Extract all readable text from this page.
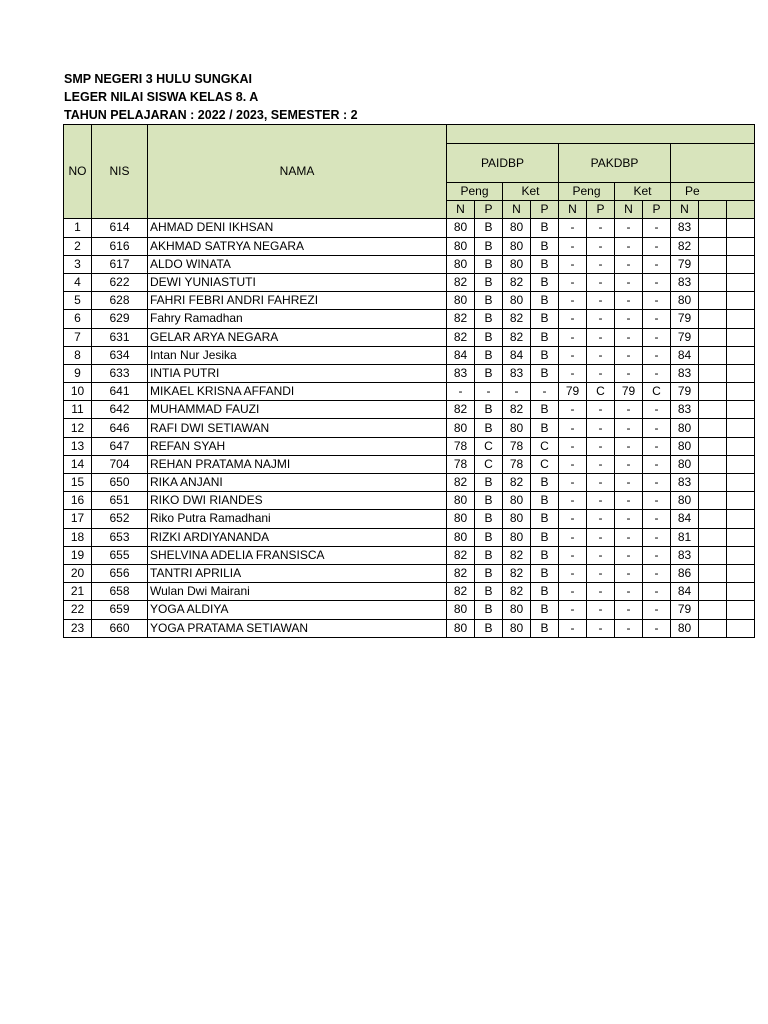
SMP NEGERI 3 HULU SUNGKAI
LEGER NILAI SISWA KELAS 8. A
TAHUN PELAJARAN : 2022 / 2023, SEMESTER : 2
NO	NIS	NAMA											
			PAIDBP				PAKDBP						
			Peng		Ket		Peng		Ket		Pe		
			N	P	N	P	N	P	N	P	N		
1	614	AHMAD DENI IKHSAN	80	B	80	B	-	-	-	-	83		
2	616	AKHMAD SATRYA NEGARA	80	B	80	B	-	-	-	-	82		
3	617	ALDO WINATA	80	B	80	B	-	-	-	-	79		
4	622	DEWI YUNIASTUTI	82	B	82	B	-	-	-	-	83		
5	628	FAHRI FEBRI ANDRI FAHREZI	80	B	80	B	-	-	-	-	80		
6	629	Fahry Ramadhan	82	B	82	B	-	-	-	-	79		
7	631	GELAR ARYA NEGARA	82	B	82	B	-	-	-	-	79		
8	634	Intan Nur Jesika	84	B	84	B	-	-	-	-	84		
9	633	INTIA PUTRI	83	B	83	B	-	-	-	-	83		
10	641	MIKAEL KRISNA AFFANDI	-	-	-	-	79	C	79	C	79		
11	642	MUHAMMAD FAUZI	82	B	82	B	-	-	-	-	83		
12	646	RAFI DWI SETIAWAN	80	B	80	B	-	-	-	-	80		
13	647	REFAN SYAH	78	C	78	C	-	-	-	-	80		
14	704	REHAN PRATAMA NAJMI	78	C	78	C	-	-	-	-	80		
15	650	RIKA ANJANI	82	B	82	B	-	-	-	-	83		
16	651	RIKO DWI RIANDES	80	B	80	B	-	-	-	-	80		
17	652	Riko Putra Ramadhani	80	B	80	B	-	-	-	-	84		
18	653	RIZKI ARDIYANANDA	80	B	80	B	-	-	-	-	81		
19	655	SHELVINA ADELIA FRANSISCA	82	B	82	B	-	-	-	-	83		
20	656	TANTRI APRILIA	82	B	82	B	-	-	-	-	86		
21	658	Wulan Dwi Mairani	82	B	82	B	-	-	-	-	84		
22	659	YOGA ALDIYA	80	B	80	B	-	-	-	-	79		
23	660	YOGA PRATAMA SETIAWAN	80	B	80	B	-	-	-	-	80		
